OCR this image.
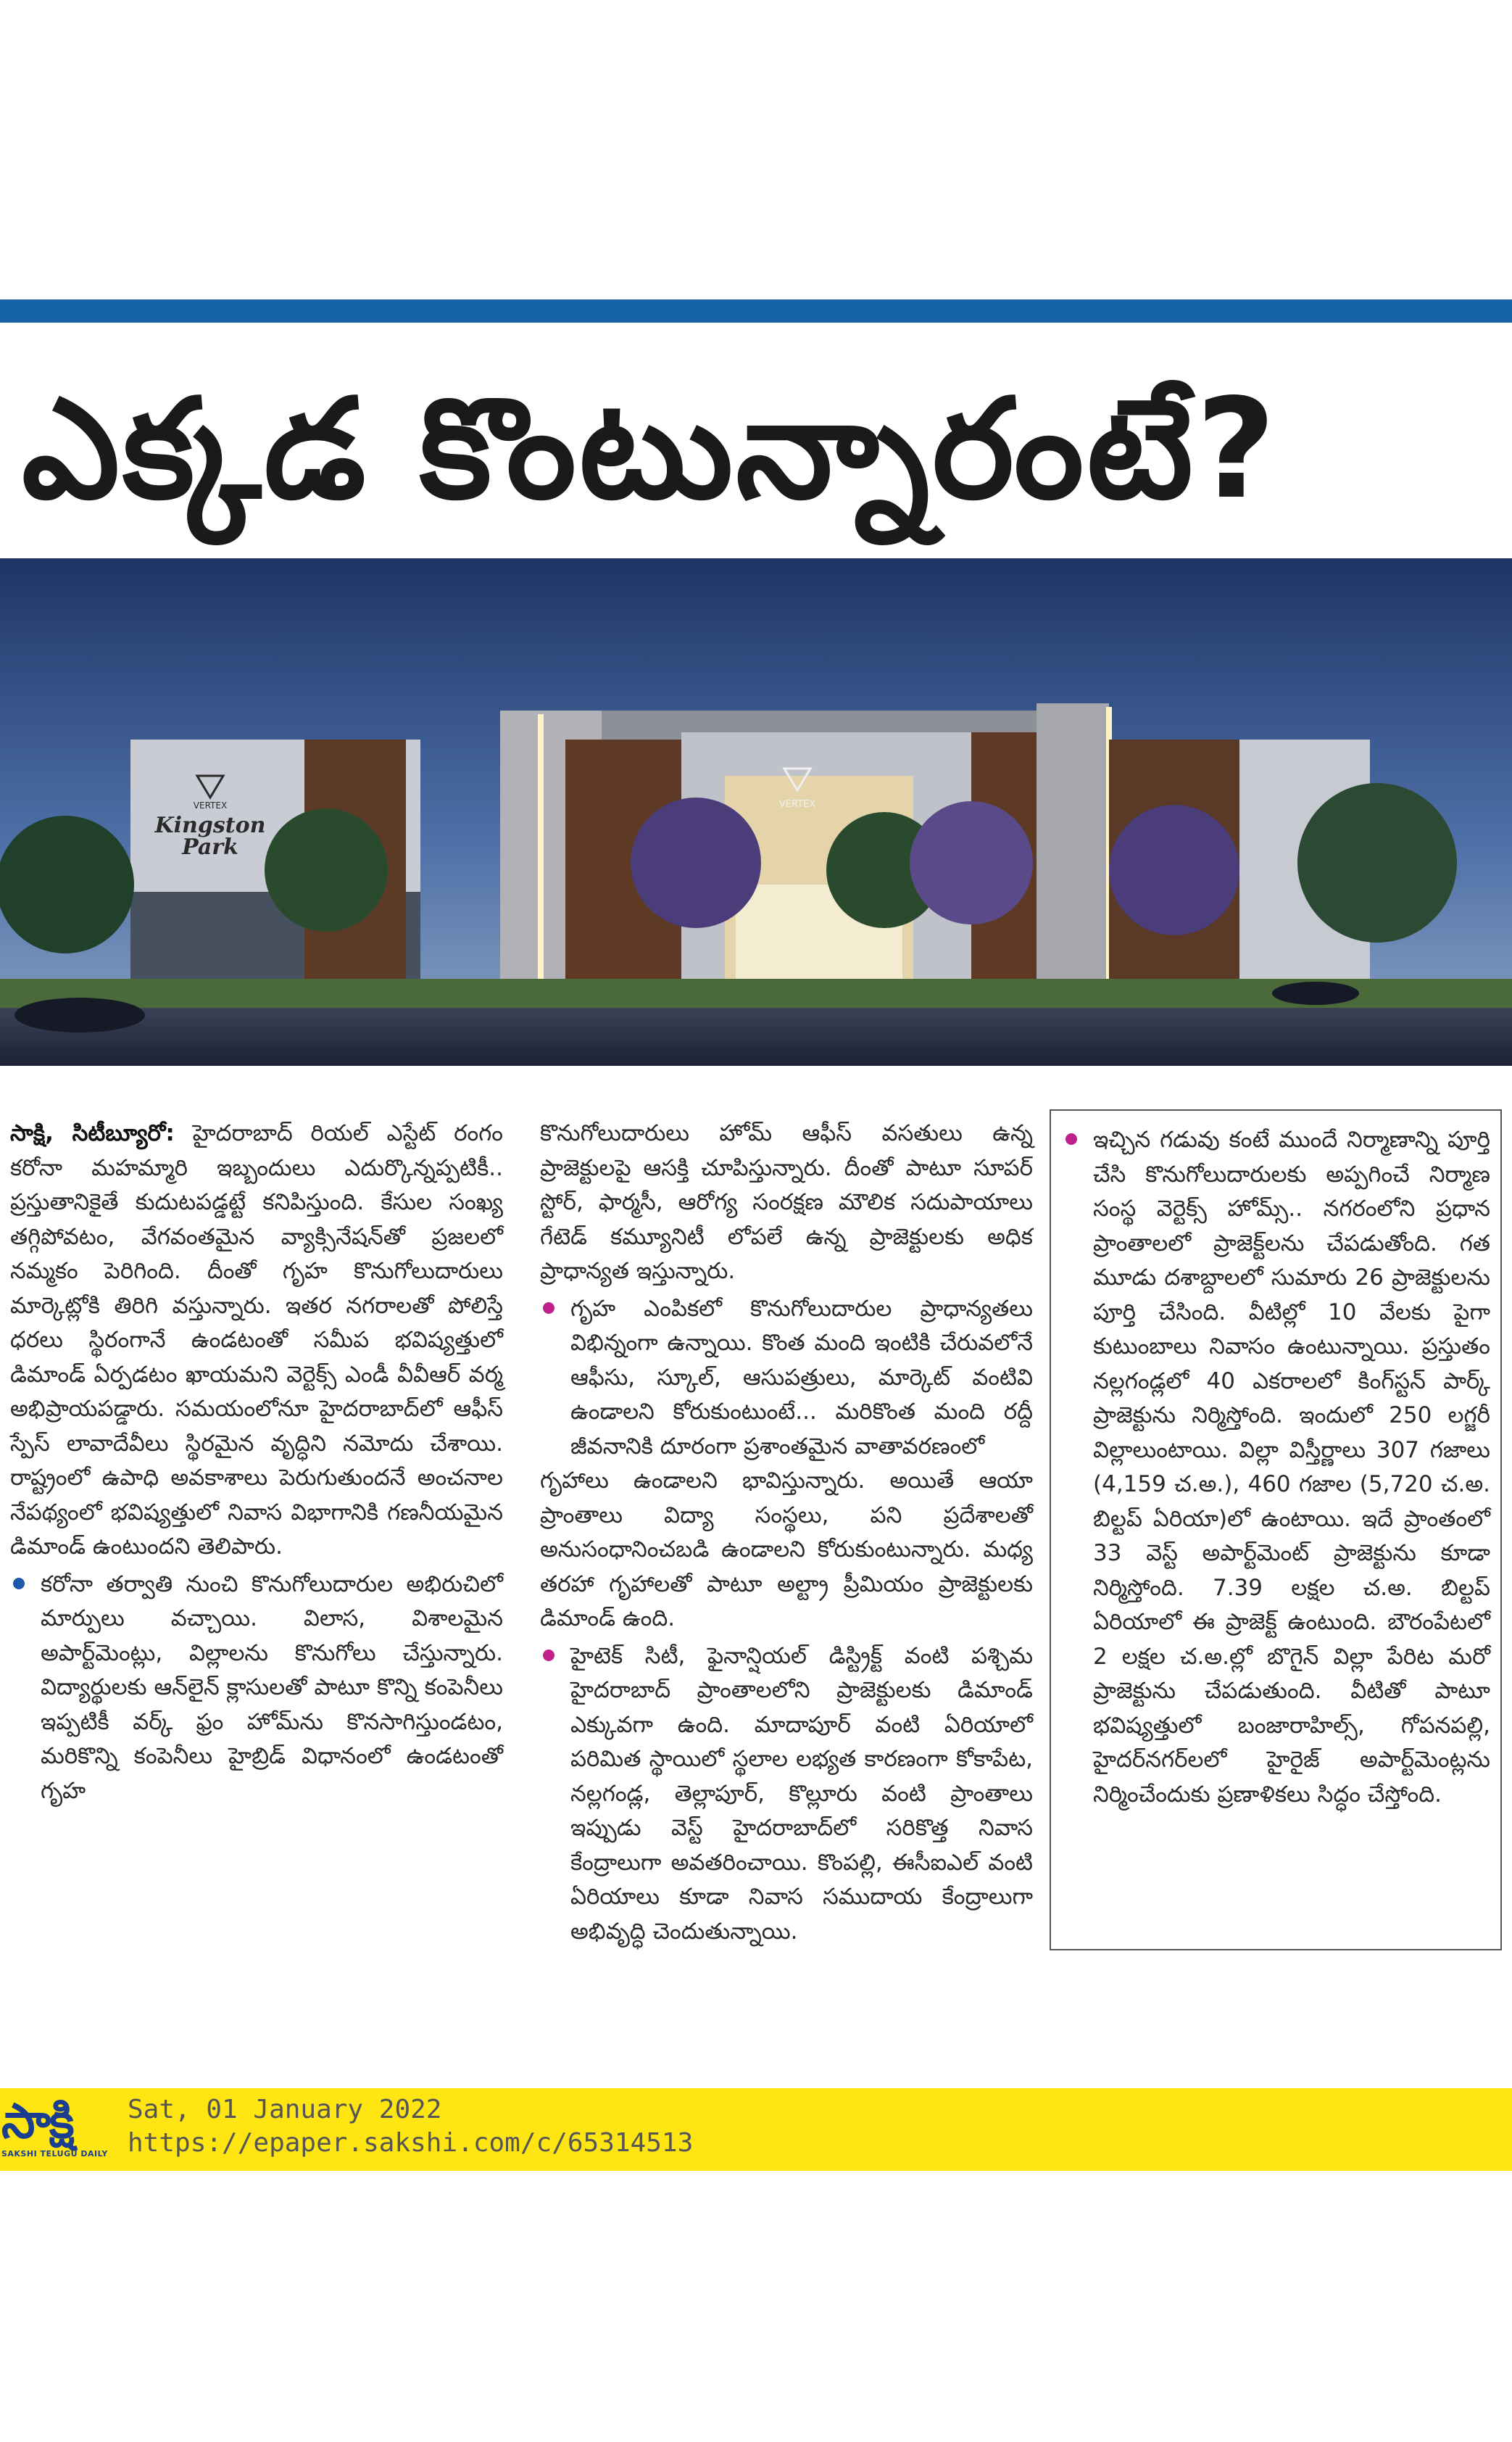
ఎక్కడ కొంటున్నారంటే?
VERTEX
Kingston
Park
VERTEX

సాక్షి, సిటీబ్యూరో: హైదరాబాద్ రియల్ ఎస్టేట్ రంగం కరోనా మహమ్మారి ఇబ్బందులు ఎదుర్కొన్నప్పటికీ.. ప్రస్తుతానికైతే కుదుటపడ్డట్టే కనిపిస్తుంది. కేసుల సంఖ్య తగ్గిపోవటం, వేగవంతమైన వ్యాక్సినేషన్‌తో ప్రజలలో నమ్మకం పెరిగింది. దీంతో గృహ కొనుగోలుదారులు మార్కెట్లోకి తిరిగి వస్తున్నారు. ఇతర నగరాలతో పోలిస్తే ధరలు స్థిరంగానే ఉండటంతో సమీప భవిష్యత్తులో డిమాండ్ ఏర్పడటం ఖాయమని వెర్టెక్స్ ఎండీ వీవీఆర్ వర్మ అభిప్రాయపడ్డారు. సమయంలోనూ హైదరాబాద్‌లో ఆఫీస్ స్పేస్ లావాదేవీలు స్థిరమైన వృద్ధిని నమోదు చేశాయి. రాష్ట్రంలో ఉపాధి అవకాశాలు పెరుగుతుందనే అంచనాల నేపథ్యంలో భవిష్యత్తులో నివాస విభాగానికి గణనీయమైన డిమాండ్ ఉంటుందని తెలిపారు.

కరోనా తర్వాతి నుంచి కొనుగోలుదారుల అభిరుచిలో మార్పులు వచ్చాయి. విలాస, విశాలమైన అపార్ట్‌మెంట్లు, విల్లాలను కొనుగోలు చేస్తున్నారు. విద్యార్థులకు ఆన్‌లైన్ క్లాసులతో పాటూ కొన్ని కంపెనీలు ఇప్పటికీ వర్క్ ఫ్రం హోమ్‌ను కొనసాగిస్తుండటం, మరికొన్ని కంపెనీలు హైబ్రిడ్ విధానంలో ఉండటంతో గృహ

కొనుగోలుదారులు హోమ్ ఆఫీస్ వసతులు ఉన్న ప్రాజెక్టులపై ఆసక్తి చూపిస్తున్నారు. దీంతో పాటూ సూపర్ స్టోర్, ఫార్మసీ, ఆరోగ్య సంరక్షణ మౌలిక సదుపాయాలు గేటెడ్ కమ్యూనిటీ లోపలే ఉన్న ప్రాజెక్టులకు అధిక ప్రాధాన్యత ఇస్తున్నారు.

గృహ ఎంపికలో కొనుగోలుదారుల ప్రాధాన్యతలు విభిన్నంగా ఉన్నాయి. కొంత మంది ఇంటికి చేరువలోనే ఆఫీసు, స్కూల్, ఆసుపత్రులు, మార్కెట్ వంటివి ఉండాలని కోరుకుంటుంటే... మరికొంత మంది రద్దీ జీవనానికి దూరంగా ప్రశాంతమైన వాతావరణంలో

గృహాలు ఉండాలని భావిస్తున్నారు. అయితే ఆయా ప్రాంతాలు విద్యా సంస్థలు, పని ప్రదేశాలతో అనుసంధానించబడి ఉండాలని కోరుకుంటున్నారు. మధ్య తరహా గృహాలతో పాటూ అల్ట్రా ప్రీమియం ప్రాజెక్టులకు డిమాండ్ ఉంది.

హైటెక్ సిటీ, ఫైనాన్షియల్ డిస్ట్రిక్ట్ వంటి పశ్చిమ హైదరాబాద్ ప్రాంతాలలోని ప్రాజెక్టులకు డిమాండ్ ఎక్కువగా ఉంది. మాదాపూర్ వంటి ఏరియాలో పరిమిత స్థాయిలో స్థలాల లభ్యత కారణంగా కోకాపేట, నల్లగండ్ల, తెల్లాపూర్, కొల్లూరు వంటి ప్రాంతాలు ఇప్పుడు వెస్ట్ హైదరాబాద్‌లో సరికొత్త నివాస కేంద్రాలుగా అవతరించాయి. కొంపల్లి, ఈసీఐఎల్ వంటి ఏరియాలు కూడా నివాస సముదాయ కేంద్రాలుగా అభివృద్ధి చెందుతున్నాయి.

ఇచ్చిన గడువు కంటే ముందే నిర్మాణాన్ని పూర్తి చేసి కొనుగోలుదారులకు అప్పగించే నిర్మాణ సంస్థ వెర్టెక్స్ హోమ్స్.. నగరంలోని ప్రధాన ప్రాంతాలలో ప్రాజెక్ట్‌లను చేపడుతోంది. గత మూడు దశాబ్దాలలో సుమారు 26 ప్రాజెక్టులను పూర్తి చేసింది. వీటిల్లో 10 వేలకు పైగా కుటుంబాలు నివాసం ఉంటున్నాయి. ప్రస్తుతం నల్లగండ్లలో 40 ఎకరాలలో కింగ్‌స్టన్ పార్క్ ప్రాజెక్టును నిర్మిస్తోంది. ఇందులో 250 లగ్జరీ విల్లాలుంటాయి. విల్లా విస్తీర్ణాలు 307 గజాలు (4,159 చ.అ.), 460 గజాల (5,720 చ.అ. బిల్టప్ ఏరియా)లో ఉంటాయి. ఇదే ప్రాంతంలో 33 వెస్ట్ అపార్ట్‌మెంట్ ప్రాజెక్టును కూడా నిర్మిస్తోంది. 7.39 లక్షల చ.అ. బిల్టప్ ఏరియాలో ఈ ప్రాజెక్ట్ ఉంటుంది. బౌరంపేటలో 2 లక్షల చ.అ.ల్లో బొగైన్ విల్లా పేరిట మరో ప్రాజెక్టును చేపడుతుంది. వీటితో పాటూ భవిష్యత్తులో బంజారాహిల్స్, గోపనపల్లి, హైదర్‌నగర్‌లలో హైరైజ్ అపార్ట్‌మెంట్లను నిర్మించేందుకు ప్రణాళికలు సిద్ధం చేస్తోంది.

సాక్షి
SAKSHI TELUGU DAILY
Sat, 01 January 2022
https://epaper.sakshi.com/c/65314513
